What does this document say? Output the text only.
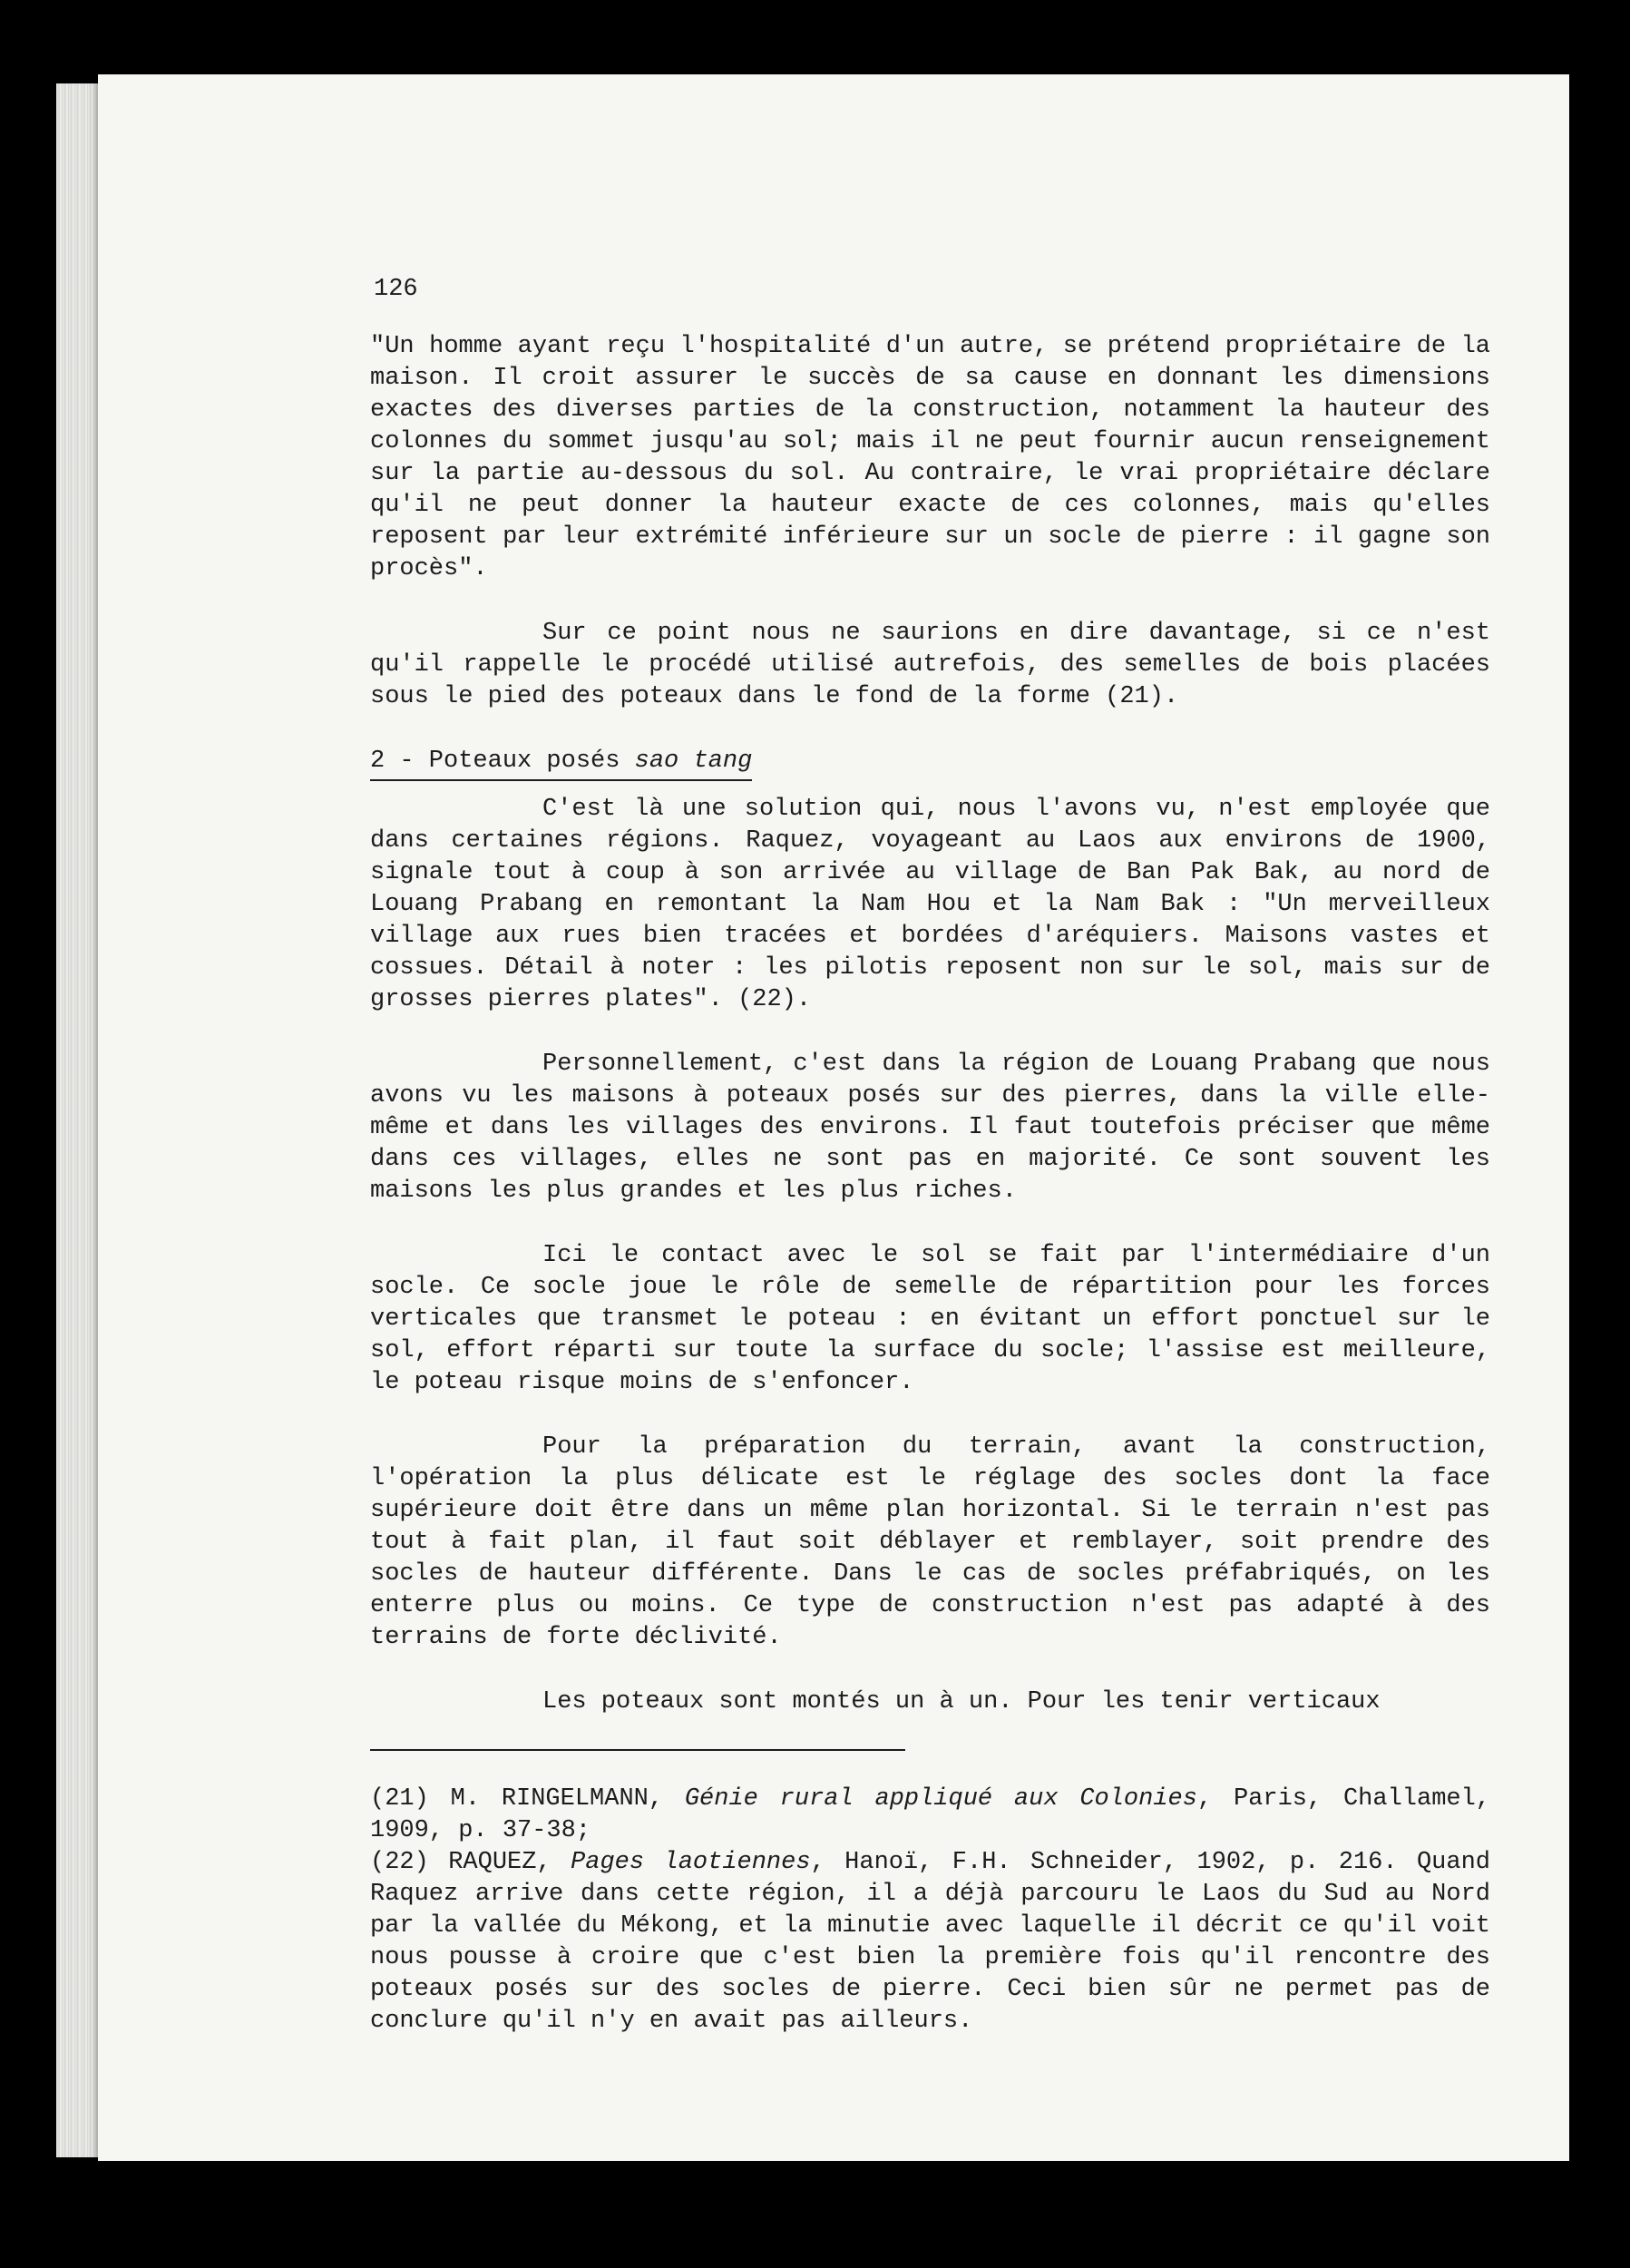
126

"Un homme ayant reçu l'hospitalité d'un autre, se prétend propriétaire de la maison. Il croit assurer le succès de sa cause en donnant les dimensions exactes des diverses parties de la construction, notamment la hauteur des colonnes du sommet jusqu'au sol; mais il ne peut fournir aucun renseignement sur la partie au-dessous du sol. Au contraire, le vrai propriétaire déclare qu'il ne peut donner la hauteur exacte de ces colonnes, mais qu'elles reposent par leur extrémité inférieure sur un socle de pierre : il gagne son procès".

Sur ce point nous ne saurions en dire davantage, si ce n'est qu'il rappelle le procédé utilisé autrefois, des semelles de bois placées sous le pied des poteaux dans le fond de la forme (21).

2 - Poteaux posés sao tang

C'est là une solution qui, nous l'avons vu, n'est employée que dans certaines régions. Raquez, voyageant au Laos aux environs de 1900, signale tout à coup à son arrivée au village de Ban Pak Bak, au nord de Louang Prabang en remontant la Nam Hou et la Nam Bak : "Un merveilleux village aux rues bien tracées et bordées d'aréquiers. Maisons vastes et cossues. Détail à noter : les pilotis reposent non sur le sol, mais sur de grosses pierres plates". (22).

Personnellement, c'est dans la région de Louang Prabang que nous avons vu les maisons à poteaux posés sur des pierres, dans la ville elle-même et dans les villages des environs. Il faut toutefois préciser que même dans ces villages, elles ne sont pas en majorité. Ce sont souvent les maisons les plus grandes et les plus riches.

Ici le contact avec le sol se fait par l'intermédiaire d'un socle. Ce socle joue le rôle de semelle de répartition pour les forces verticales que transmet le poteau : en évitant un effort ponctuel sur le sol, effort réparti sur toute la surface du socle; l'assise est meilleure, le poteau risque moins de s'enfoncer.

Pour la préparation du terrain, avant la construction, l'opération la plus délicate est le réglage des socles dont la face supérieure doit être dans un même plan horizontal. Si le terrain n'est pas tout à fait plan, il faut soit déblayer et remblayer, soit prendre des socles de hauteur différente. Dans le cas de socles préfabriqués, on les enterre plus ou moins. Ce type de construction n'est pas adapté à des terrains de forte déclivité.

Les poteaux sont montés un à un. Pour les tenir verticaux

(21) M. RINGELMANN, Génie rural appliqué aux Colonies, Paris, Challamel, 1909, p. 37-38;

(22) RAQUEZ, Pages laotiennes, Hanoï, F.H. Schneider, 1902, p. 216. Quand Raquez arrive dans cette région, il a déjà parcouru le Laos du Sud au Nord par la vallée du Mékong, et la minutie avec laquelle il décrit ce qu'il voit nous pousse à croire que c'est bien la première fois qu'il rencontre des poteaux posés sur des socles de pierre. Ceci bien sûr ne permet pas de conclure qu'il n'y en avait pas ailleurs.
